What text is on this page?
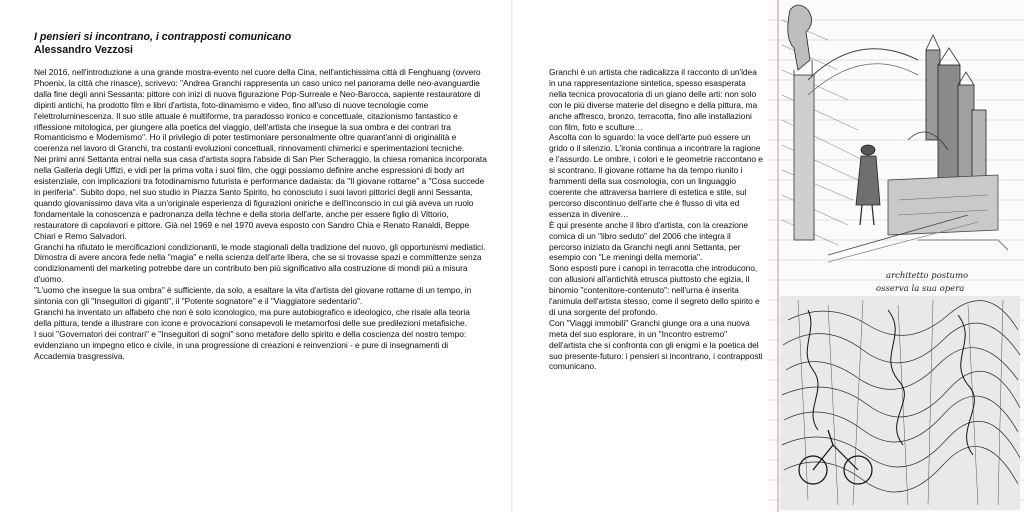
I pensieri si incontrano, i contrapposti comunicano
Alessandro Vezzosi

Nel 2016, nell'introduzione a una grande mostra-evento nel cuore della Cina, nell'antichissima città di Fenghuang (ovvero Phoenix, la città che rinasce), scrivevo: "Andrea Granchi rappresenta un caso unico nel panorama delle neo-avanguardie dalla fine degli anni Sessanta: pittore con inizi di nuova figurazione Pop-Surreale e Neo-Barocca, sapiente restauratore di dipinti antichi, ha prodotto film e libri d'artista, foto-dinamismo e video, fino all'uso di nuove tecnologie come l'elettroluminescenza. Il suo stile attuale è multiforme, tra paradosso ironico e concettuale, citazionismo fantastico e riflessione mitologica, per giungere alla poetica del viaggio, dell'artista che insegue la sua ombra e dei contrari tra Romanticismo e Modernismo". Ho il privilegio di poter testimoniare personalmente oltre quarant'anni di originalità e coerenza nel lavoro di Granchi, tra costanti evoluzioni concettuali, rinnovamenti chimerici e sperimentazioni tecniche.

Nei primi anni Settanta entrai nella sua casa d'artista sopra l'abside di San Pier Scheraggio, la chiesa romanica incorporata nella Galleria degli Uffizi, e vidi per la prima volta i suoi film, che oggi possiamo definire anche espressioni di body art esistenziale, con implicazioni tra fotodinamismo futurista e performance dadaista: da "Il giovane rottame" a "Cosa succede in periferia". Subito dopo, nel suo studio in Piazza Santo Spirito, ho conosciuto i suoi lavori pittorici degli anni Sessanta, quando giovanissimo dava vita a un'originale esperienza di figurazioni oniriche e dell'inconscio in cui già aveva un ruolo fondamentale la conoscenza e padronanza della tèchne e della storia dell'arte, anche per essere figlio di Vittorio, restauratore di capolavori e pittore. Già nel 1969 e nel 1970 aveva esposto con Sandro Chia e Renato Ranaldi, Beppe Chiari e Remo Salvadori.

Granchi ha rifiutato le mercificazioni condizionanti, le mode stagionali della tradizione del nuovo, gli opportunismi mediatici. Dimostra di avere ancora fede nella "magia" e nella scienza dell'arte libera, che se si trovasse spazi e committenze senza condizionamenti del marketing potrebbe dare un contributo ben più significativo alla costruzione di mondi più a misura d'uomo.

"L'uomo che insegue la sua ombra" è sufficiente, da solo, a esaltare la vita d'artista del giovane rottame di un tempo, in sintonia con gli "Inseguitori di giganti", il "Potente sognatore" e il "Viaggiatore sedentario".

Granchi ha inventato un alfabeto che non è solo iconologico, ma pure autobiografico e ideologico, che risale alla teoria della pittura, tende a illustrare con icone e provocazioni consapevoli le metamorfosi delle sue predilezioni metafisiche.

I suoi "Governatori dei contrari" e "Inseguitori di sogni" sono metafore dello spirito e della coscienza del nostro tempo: evidenziano un impegno etico e civile, in una progressione di creazioni e reinvenzioni - e pure di insegnamenti di Accademia trasgressiva.

Granchi è un artista che radicalizza il racconto di un'idea in una rappresentazione sintetica, spesso esasperata nella tecnica provocatoria di un giano delle arti: non solo con le più diverse materie del disegno e della pittura, ma anche affresco, bronzo, terracotta, fino alle installazioni con film, foto e sculture…

Ascolta con lo sguardo: la voce dell'arte può essere un grido o il silenzio. L'ironia continua a incontrare la ragione e l'assurdo. Le ombre, i colori e le geometrie raccontano e si scontrano. Il giovane rottame ha da tempo riunito i frammenti della sua cosmologia, con un linguaggio coerente che attraversa barriere di estetica e stile, sul percorso discontinuo dell'arte che è flusso di vita ed essenza in divenire…

È qui presente anche il libro d'artista, con la creazione comica di un "libro seduto" del 2006 che integra il percorso iniziato da Granchi negli anni Settanta, per esempio con "Le meningi della memoria".

Sono esposti pure i canopi in terracotta che introducono, con allusioni all'antichità etrusca piuttosto che egizia, il binomio "contenitore-contenuto": nell'urna è inserita l'animula dell'artista stesso, come il segreto dello spirito e di una sorgente del profondo.

Con "Viaggi immobili" Granchi giunge ora a una nuova meta del suo esplorare, in un "Incontro estremo" dell'artista che si confronta con gli enigmi e la poetica del suo presente-futuro: i pensieri si incontrano, i contrapposti comunicano.

architetto postumo
osserva la sua opera
